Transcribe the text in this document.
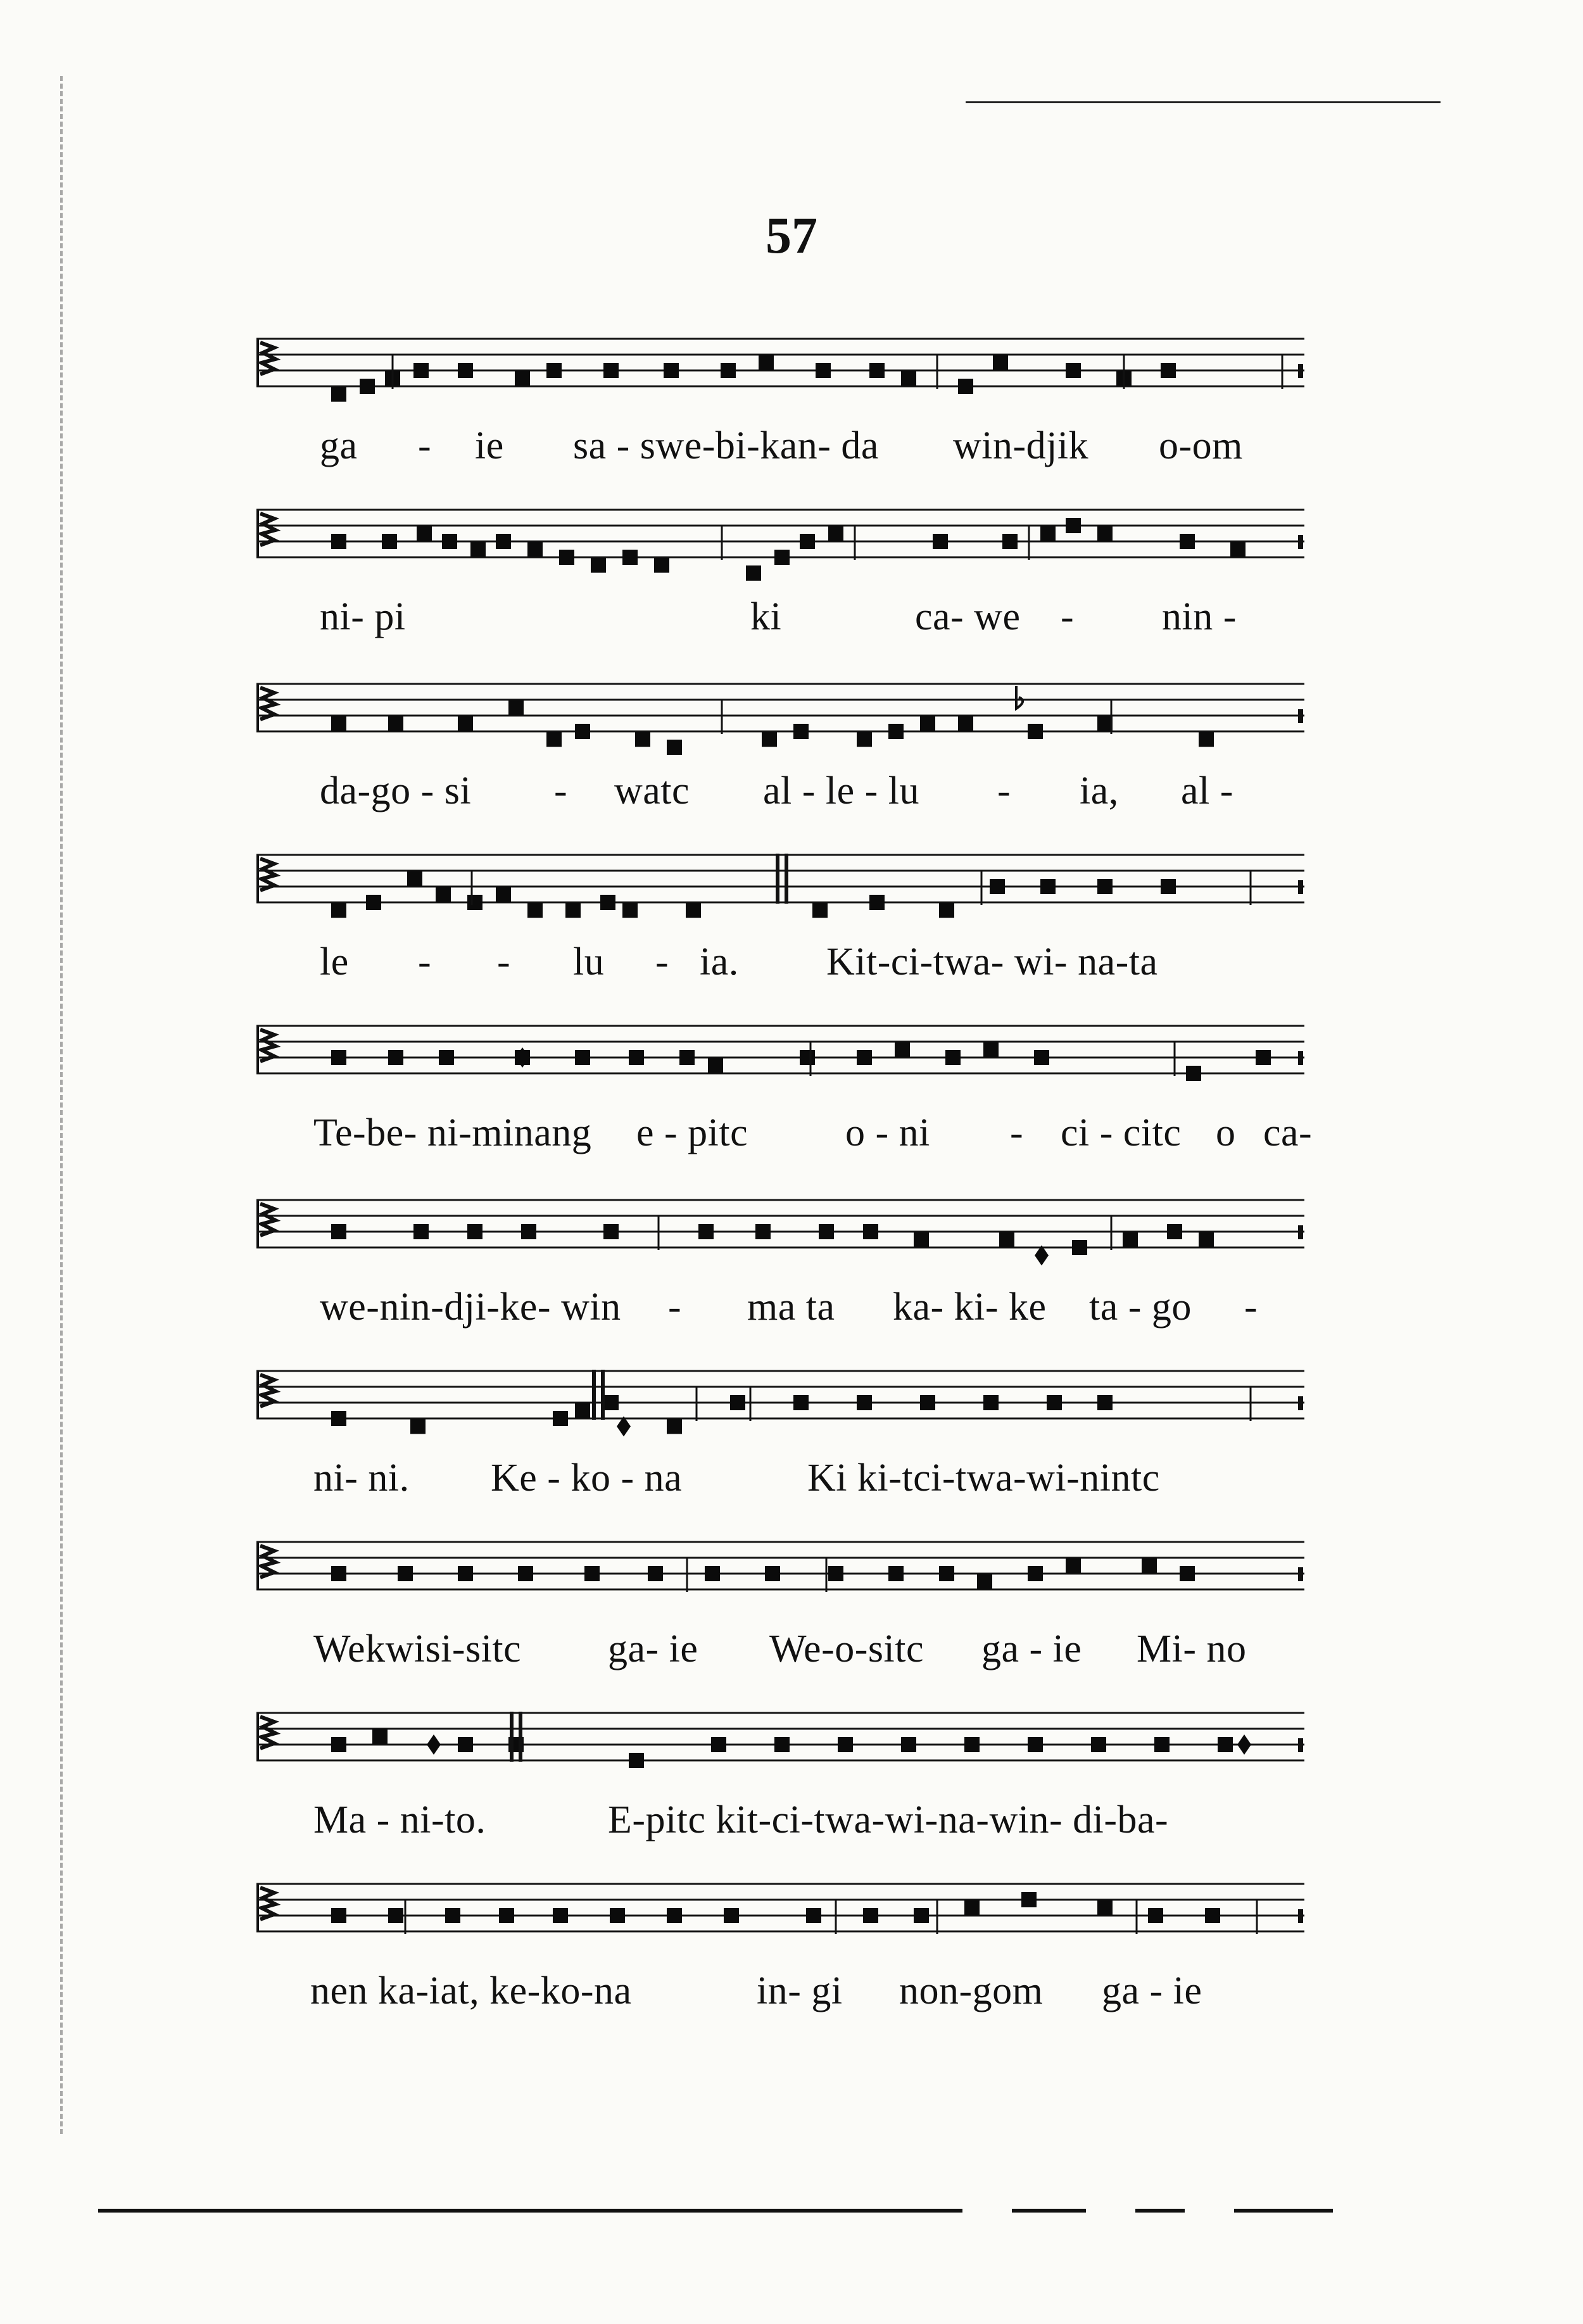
57
ga - ie sa - swe-bi-kan- da win-djik o-om
ni- pi	ki	ca- we - nin -
da-go - si - watc al - le - lu - ia, al -
le - - lu - ia. Kit-ci-twa- wi- na-ta
Te-be- ni-minang e - pitc o - ni - ci - citc o ca-
we-nin-dji-ke- win - ma ta ka- ki- ke ta - go -
ni- ni. Ke - ko - na	Ki ki-tci-twa-wi-nintc
Wekwisi-sitc ga- ie We-o-sitc ga - ie Mi- no
Ma - ni-to.	E-pitc kit-ci-twa-wi-na-win- di-ba-
nen ka-iat, ke-ko-na	in- gi non-gom ga - ie
